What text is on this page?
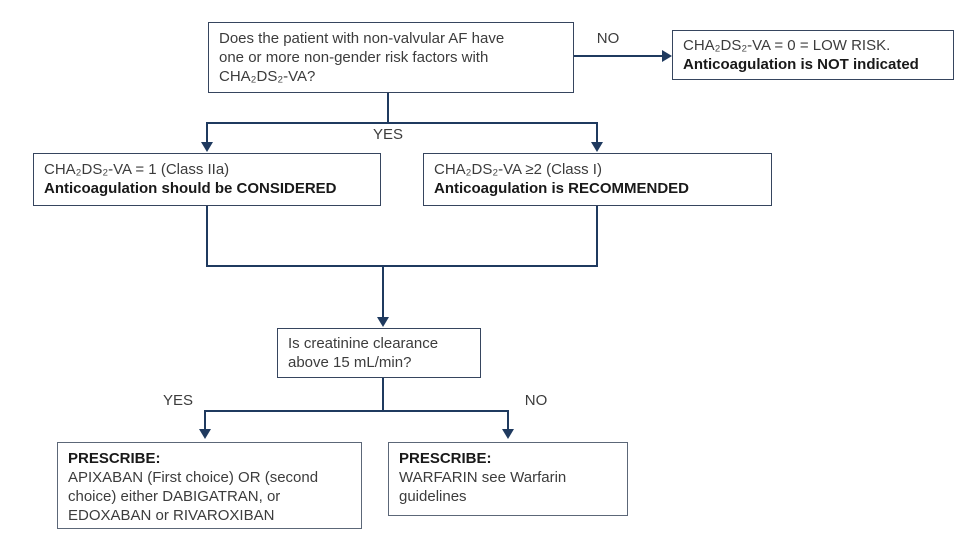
NO
YES
YES	NO
Does the patient with non-valvular AF have
one or more non-gender risk factors with
CHA₂DS₂-VA?
CHA₂DS₂-VA = 0 = LOW RISK.
Anticoagulation is NOT indicated
CHA₂DS₂-VA = 1 (Class IIa)
Anticoagulation should be CONSIDERED
CHA₂DS₂-VA ≥2 (Class I)
Anticoagulation is RECOMMENDED
Is creatinine clearance
above 15 mL/min?
PRESCRIBE:
APIXABAN (First choice) OR (second
choice) either DABIGATRAN, or
EDOXABAN or RIVAROXIBAN
PRESCRIBE:
WARFARIN see Warfarin
guidelines
